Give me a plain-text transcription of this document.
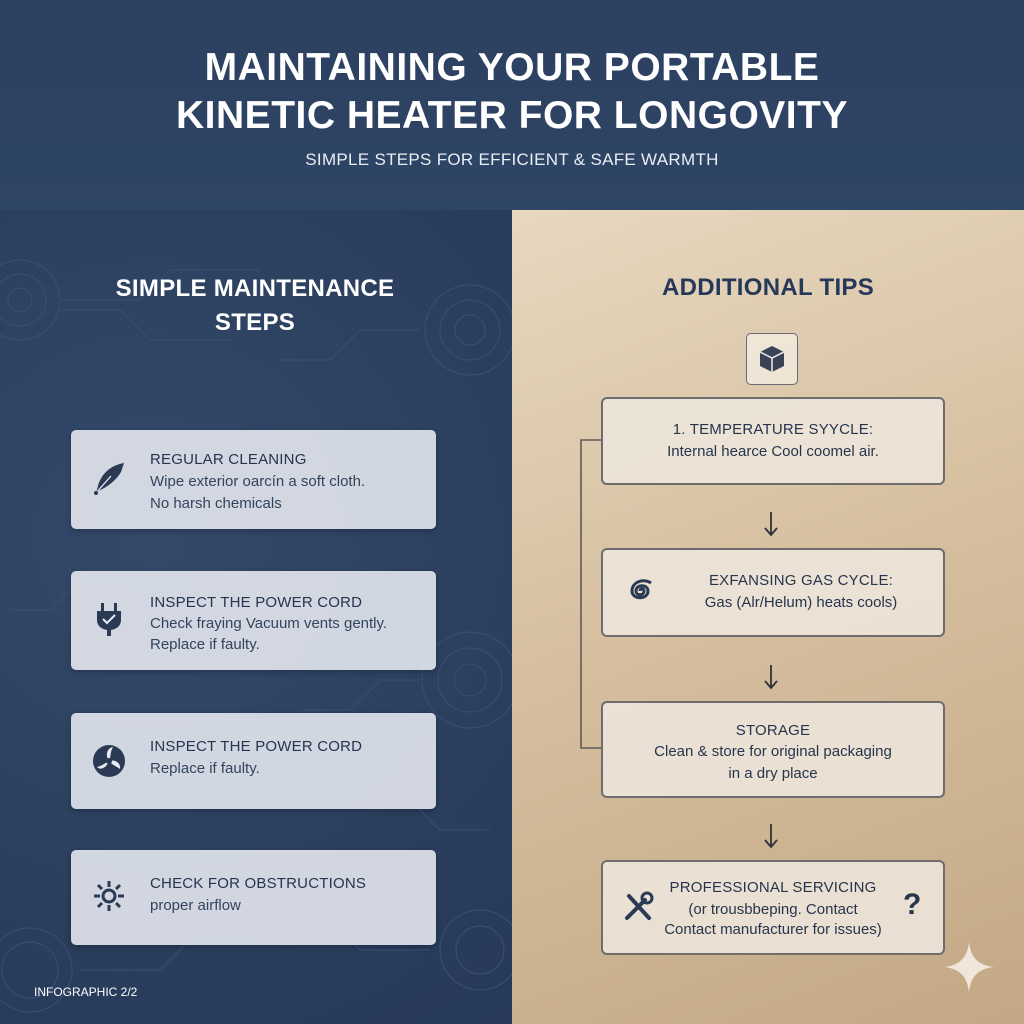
MAINTAINING YOUR PORTABLE
KINETIC HEATER FOR LONGOVITY
SIMPLE STEPS FOR EFFICIENT & SAFE WARMTH
SIMPLE MAINTENANCE
STEPS
REGULAR CLEANING
Wipe exterior oarcín a soft cloth.
No harsh chemicals
INSPECT THE POWER CORD
Check fraying Vacuum vents gently.
Replace if faulty.
INSPECT THE POWER CORD
Replace if faulty.
CHECK FOR OBSTRUCTIONS
proper airflow
INFOGRAPHIC 2/2
ADDITIONAL TIPS
1. TEMPERATURE SYYCLE:
Internal hearce Cool coomel air.
EXFANSING GAS CYCLE:
Gas (Alr/Helum) heats cools)
STORAGE
Clean & store for original packaging
in a dry place
PROFESSIONAL SERVICING
(or trousbbeping. Contact
Contact manufacturer for issues)
?
